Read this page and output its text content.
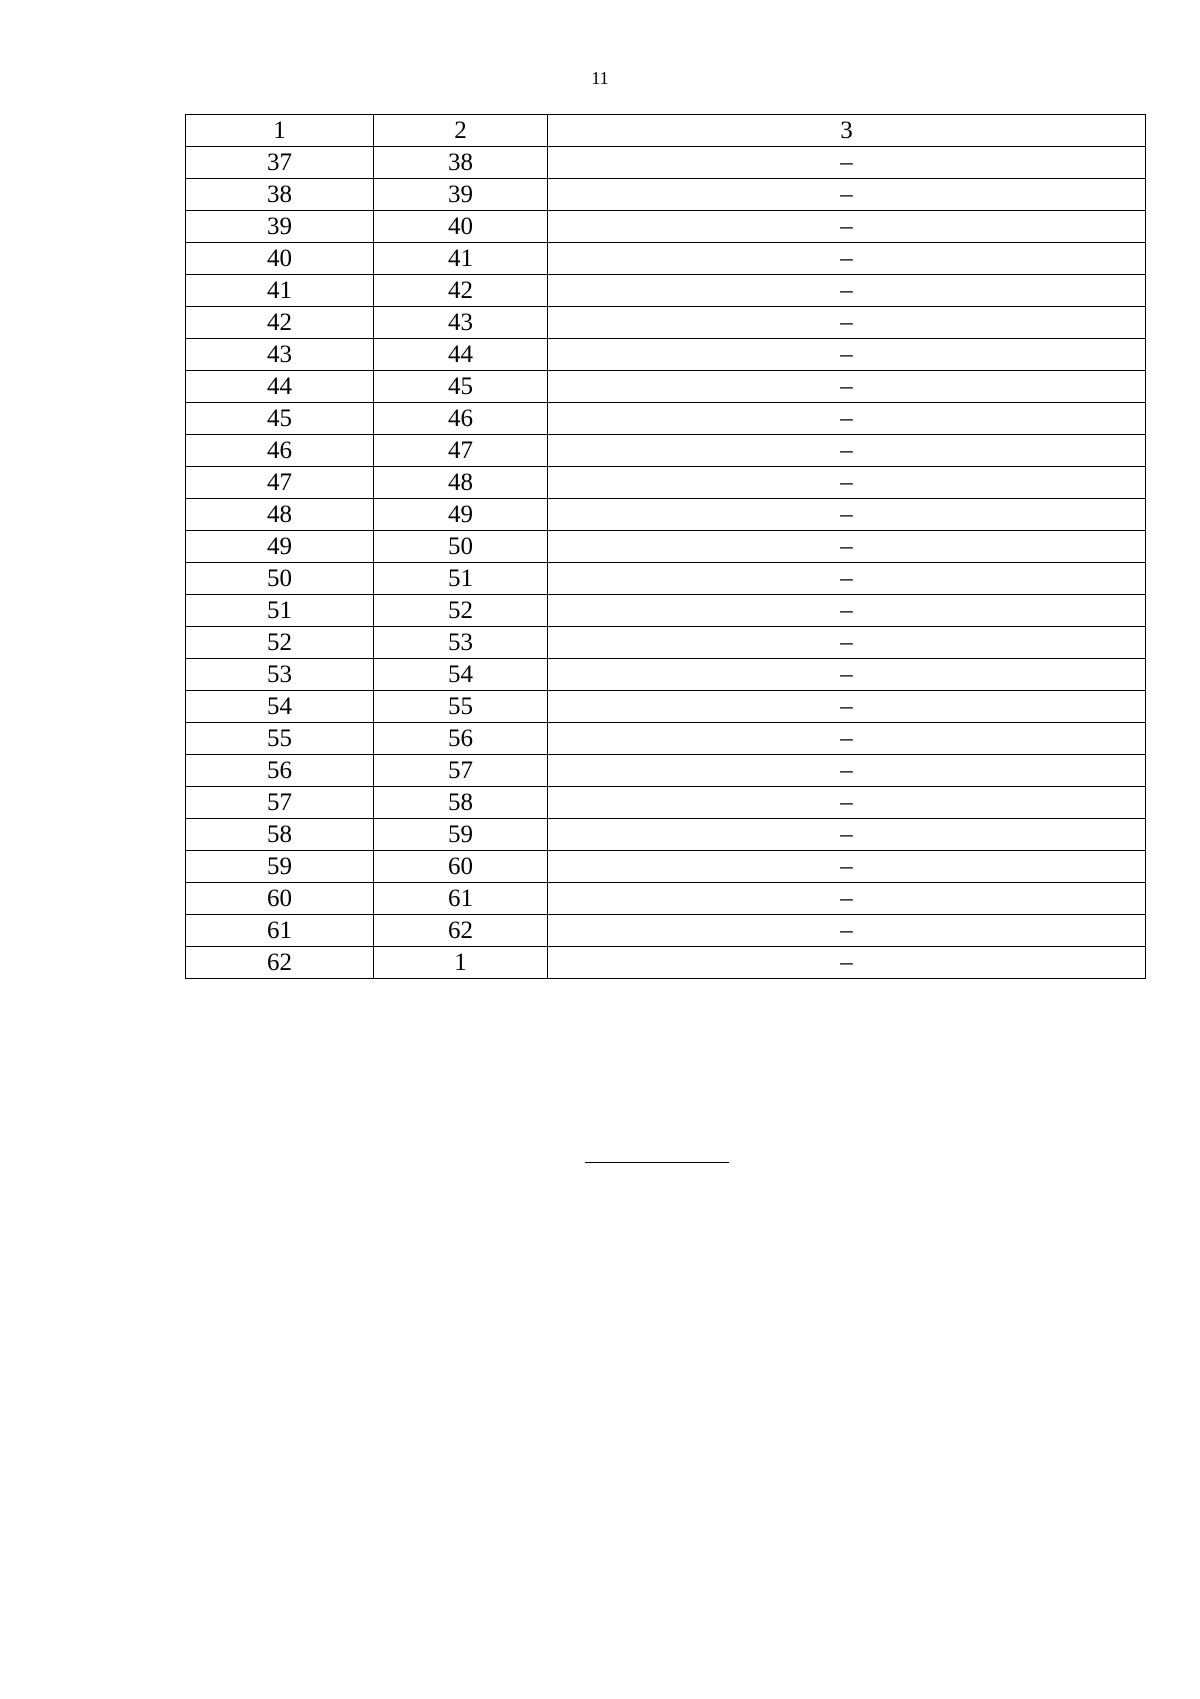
11
1	2	3
37	38	–
38	39	–
39	40	–
40	41	–
41	42	–
42	43	–
43	44	–
44	45	–
45	46	–
46	47	–
47	48	–
48	49	–
49	50	–
50	51	–
51	52	–
52	53	–
53	54	–
54	55	–
55	56	–
56	57	–
57	58	–
58	59	–
59	60	–
60	61	–
61	62	–
62	1	–
